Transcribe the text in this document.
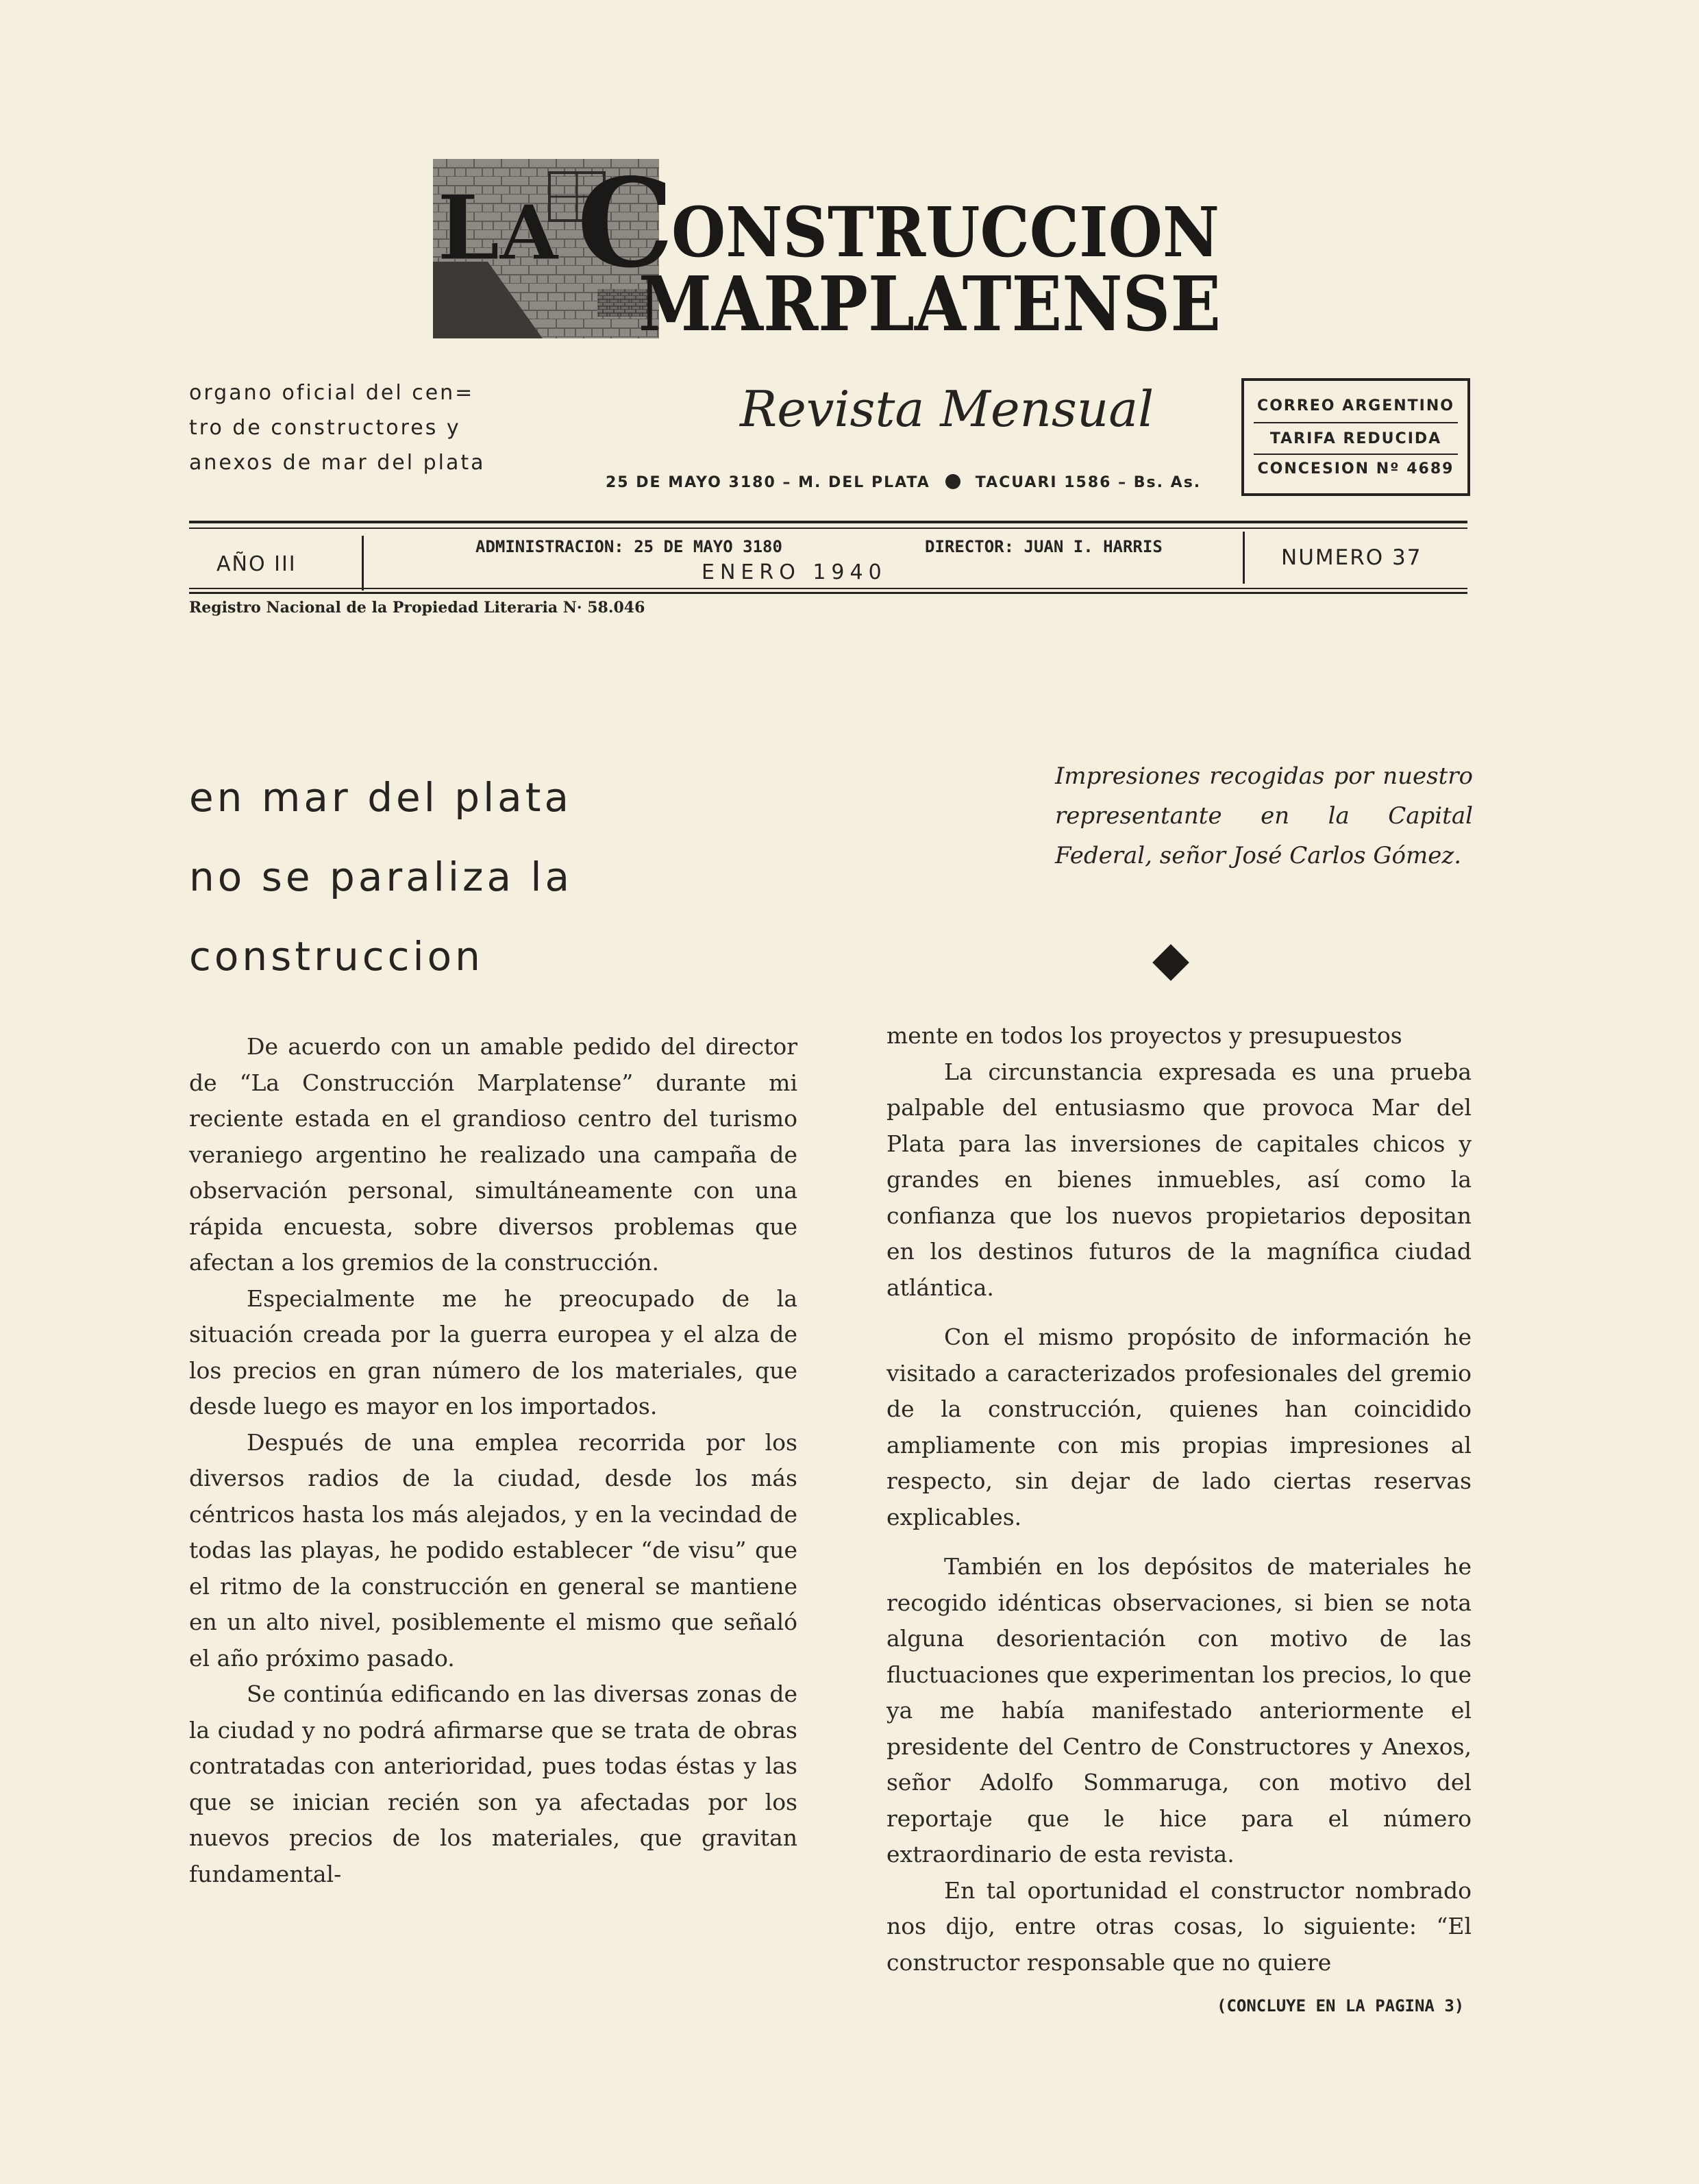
LA C
ONSTRUCCION
MARPLATENSE
organo oficial del cen=
tro de constructores y
anexos de mar del plata
Revista Mensual
25 DE MAYO 3180 – M. DEL PLATA	TACUARI 1586 – Bs. As.
CORREO ARGENTINO
TARIFA REDUCIDA
CONCESION Nº 4689
AÑO III
ADMINISTRACION: 25 DE MAYO 3180	DIRECTOR: JUAN I. HARRIS
ENERO 1940
NUMERO 37
Registro Nacional de la Propiedad Literaria N· 58.046
en mar del plata
no se paraliza la
construccion
Impresiones recogidas por nuestro representante en la Capital Federal, señor José Carlos Gómez.

De acuerdo con un amable pedido del director de “La Construcción Marplatense” durante mi reciente estada en el grandioso centro del turismo veraniego argentino he realizado una campaña de observación personal, simultáneamente con una rápida encuesta, sobre diversos problemas que afectan a los gremios de la construcción.

Especialmente me he preocupado de la situación creada por la guerra europea y el alza de los precios en gran número de los materiales, que desde luego es mayor en los importados.

Después de una emplea recorrida por los diversos radios de la ciudad, desde los más céntricos hasta los más alejados, y en la vecindad de todas las playas, he podido establecer “de visu” que el ritmo de la construcción en general se mantiene en un alto nivel, posiblemente el mismo que señaló el año próximo pasado.

Se continúa edificando en las diversas zonas de la ciudad y no podrá afirmarse que se trata de obras contratadas con anterioridad, pues todas éstas y las que se inician recién son ya afectadas por los nuevos precios de los materiales, que gravitan fundamental-

mente en todos los proyectos y presupuestos

La circunstancia expresada es una prueba palpable del entusiasmo que provoca Mar del Plata para las inversiones de capitales chicos y grandes en bienes inmuebles, así como la confianza que los nuevos propietarios depositan en los destinos futuros de la magnífica ciudad atlántica.

Con el mismo propósito de información he visitado a caracterizados profesionales del gremio de la construcción, quienes han coincidido ampliamente con mis propias impresiones al respecto, sin dejar de lado ciertas reservas explicables.

También en los depósitos de materiales he recogido idénticas observaciones, si bien se nota alguna desorientación con motivo de las fluctuaciones que experimentan los precios, lo que ya me había manifestado anteriormente el presidente del Centro de Constructores y Anexos, señor Adolfo Sommaruga, con motivo del reportaje que le hice para el número extraordinario de esta revista.

En tal oportunidad el constructor nombrado nos dijo, entre otras cosas, lo siguiente: “El constructor responsable que no quiere

(CONCLUYE EN LA PAGINA 3)
